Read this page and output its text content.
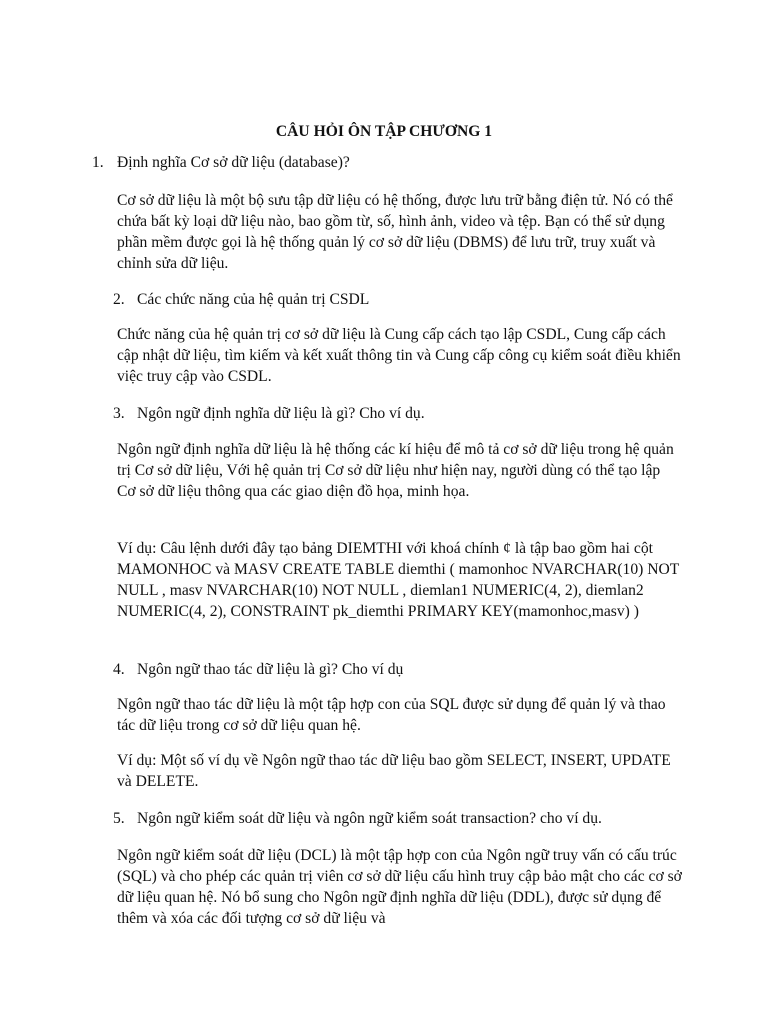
CÂU HỎI ÔN TẬP CHƯƠNG 1
1. Định nghĩa Cơ sở dữ liệu (database)?

Cơ sở dữ liệu là một bộ sưu tập dữ liệu có hệ thống, được lưu trữ bằng điện tử. Nó có thể chứa bất kỳ loại dữ liệu nào, bao gồm từ, số, hình ảnh, video và tệp. Bạn có thể sử dụng phần mềm được gọi là hệ thống quản lý cơ sở dữ liệu (DBMS) để lưu trữ, truy xuất và chỉnh sửa dữ liệu.

2. Các chức năng của hệ quản trị CSDL

Chức năng của hệ quản trị cơ sở dữ liệu là Cung cấp cách tạo lập CSDL, Cung cấp cách cập nhật dữ liệu, tìm kiếm và kết xuất thông tin và Cung cấp công cụ kiểm soát điều khiển việc truy cập vào CSDL.

3. Ngôn ngữ định nghĩa dữ liệu là gì? Cho ví dụ.

Ngôn ngữ định nghĩa dữ liệu là hệ thống các kí hiệu để mô tả cơ sở dữ liệu trong hệ quản trị Cơ sở dữ liệu, Với hệ quản trị Cơ sở dữ liệu như hiện nay, người dùng có thể tạo lập Cơ sở dữ liệu thông qua các giao diện đồ họa, minh họa.

Ví dụ: Câu lệnh dưới đây tạo bảng DIEMTHI với khoá chính ¢ là tập bao gồm hai cột MAMONHOC và MASV CREATE TABLE diemthi ( mamonhoc NVARCHAR(10) NOT NULL , masv NVARCHAR(10) NOT NULL , diemlan1 NUMERIC(4, 2), diemlan2 NUMERIC(4, 2), CONSTRAINT pk_diemthi PRIMARY KEY(mamonhoc,masv) )

4. Ngôn ngữ thao tác dữ liệu là gì? Cho ví dụ

Ngôn ngữ thao tác dữ liệu là một tập hợp con của SQL được sử dụng để quản lý và thao tác dữ liệu trong cơ sở dữ liệu quan hệ.

Ví dụ: Một số ví dụ về Ngôn ngữ thao tác dữ liệu bao gồm SELECT, INSERT, UPDATE và DELETE.

5. Ngôn ngữ kiểm soát dữ liệu và ngôn ngữ kiểm soát transaction? cho ví dụ.

Ngôn ngữ kiểm soát dữ liệu (DCL) là một tập hợp con của Ngôn ngữ truy vấn có cấu trúc (SQL) và cho phép các quản trị viên cơ sở dữ liệu cấu hình truy cập bảo mật cho các cơ sở dữ liệu quan hệ. Nó bổ sung cho Ngôn ngữ định nghĩa dữ liệu (DDL), được sử dụng để thêm và xóa các đối tượng cơ sở dữ liệu và
